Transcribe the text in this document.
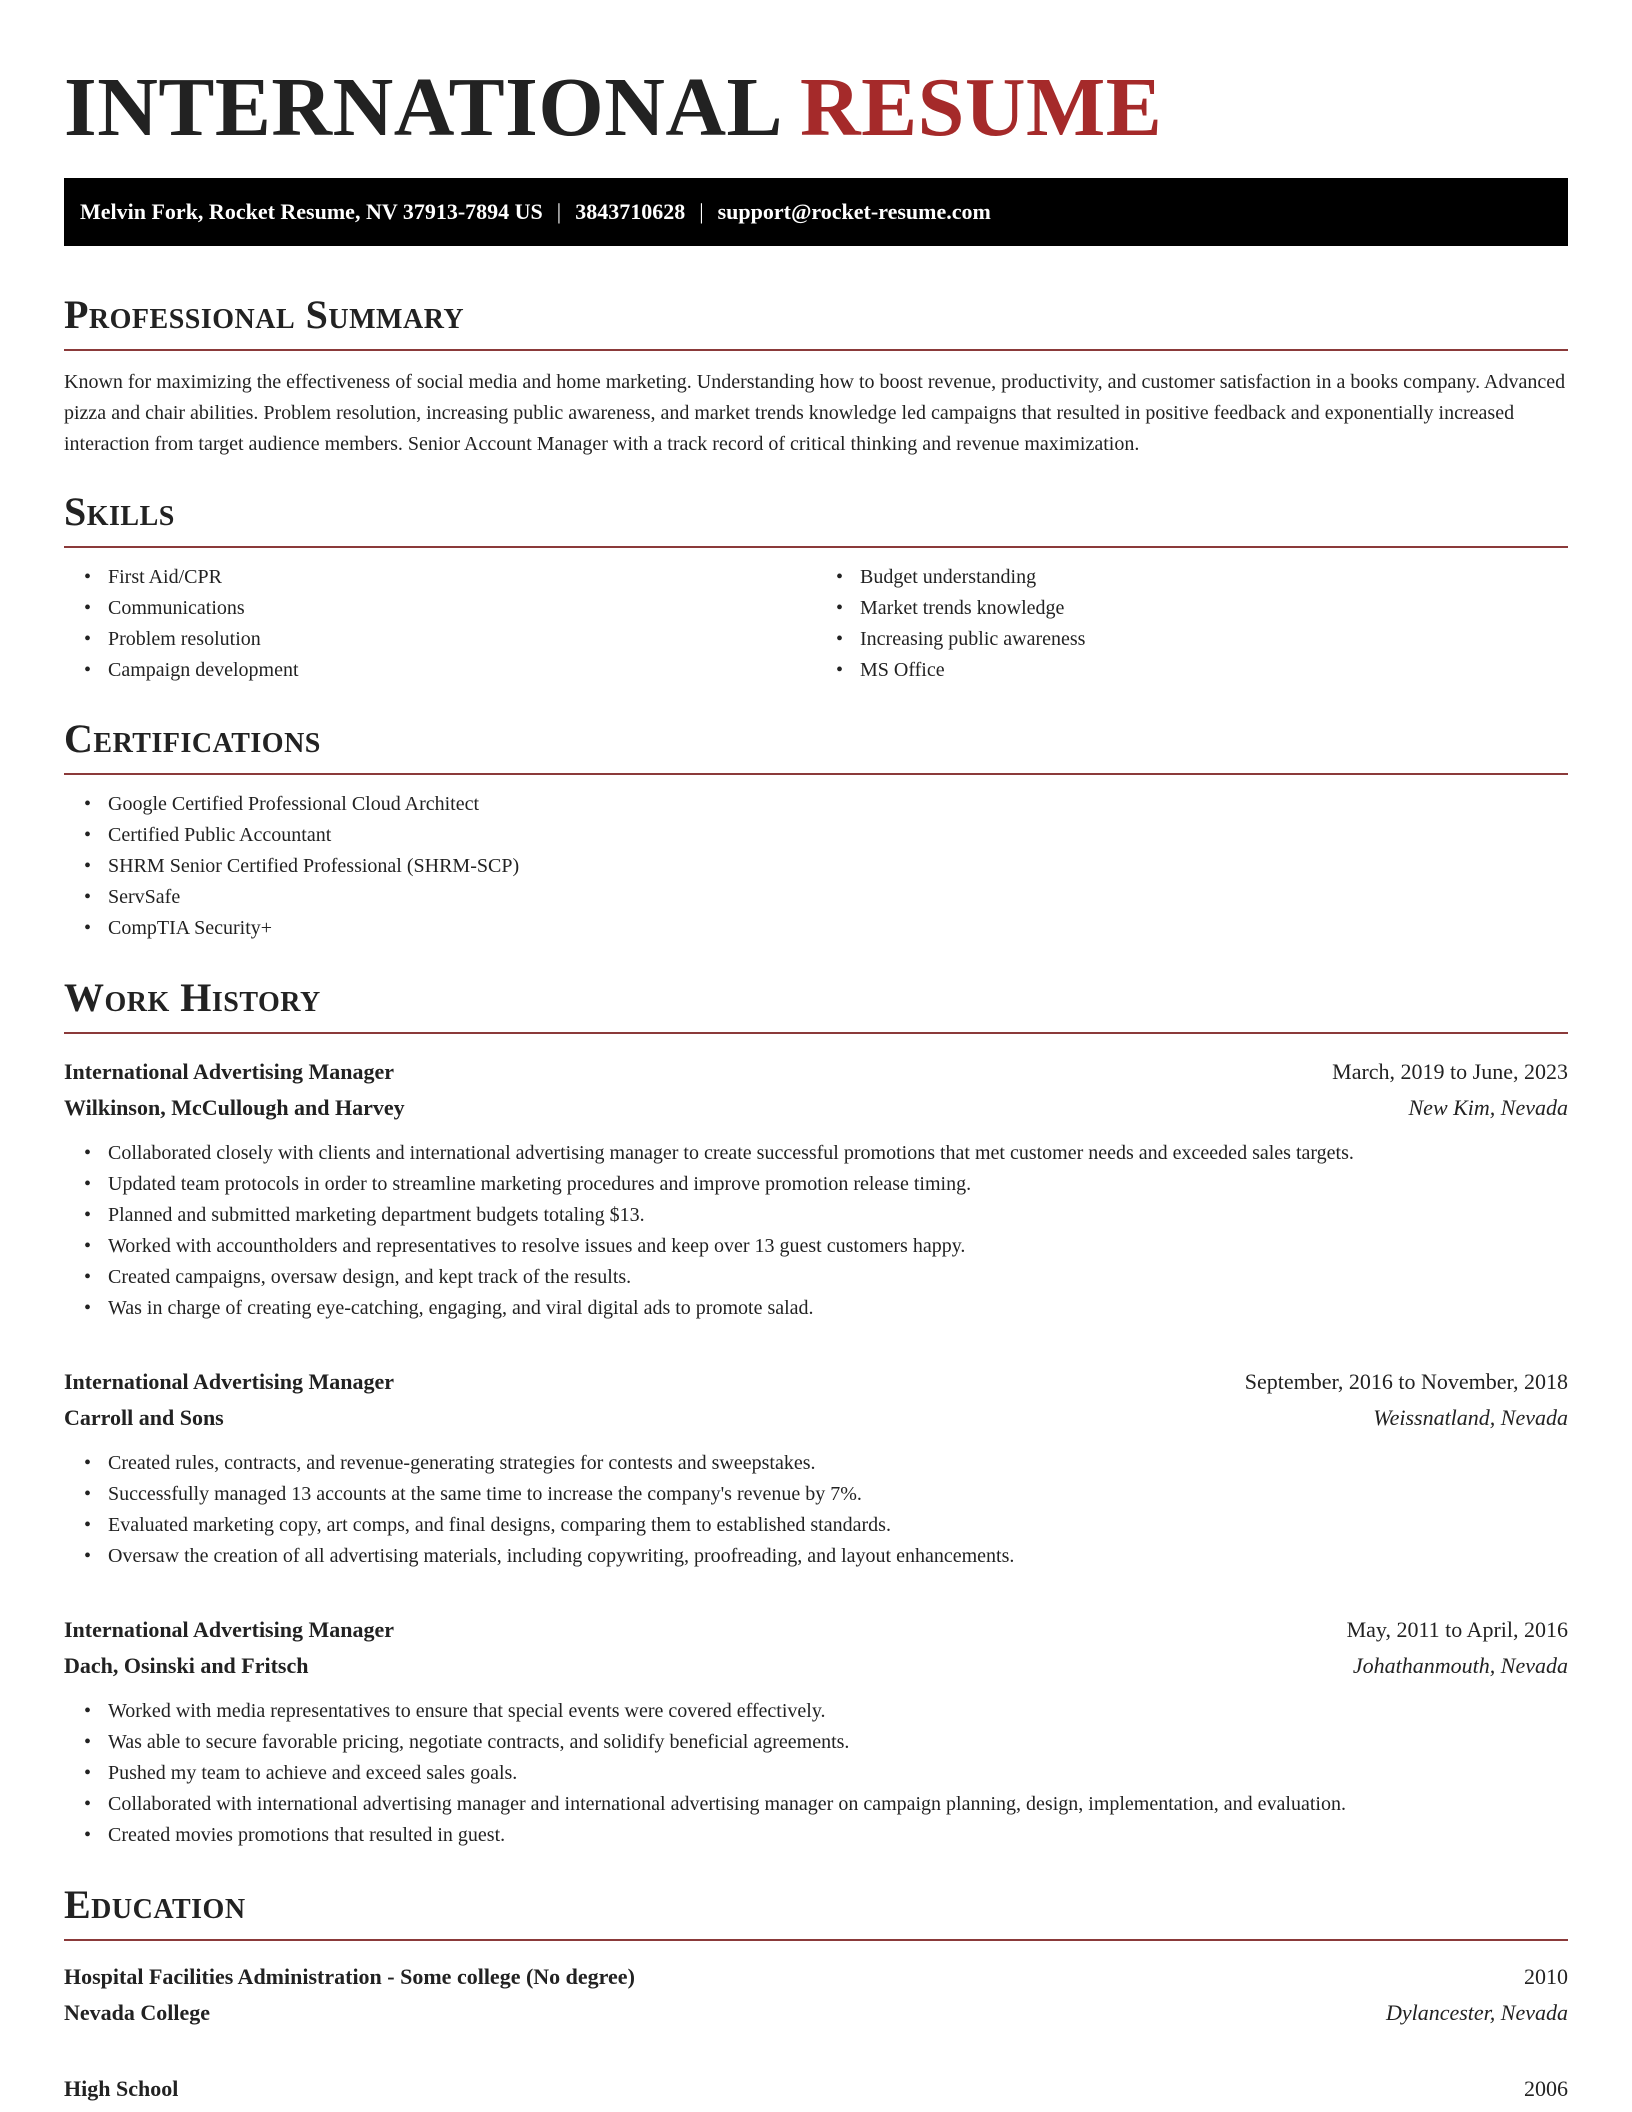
INTERNATIONAL RESUME
Melvin Fork, Rocket Resume, NV 37913-7894 US | 3843710628 | support@rocket-resume.com
Professional Summary

Known for maximizing the effectiveness of social media and home marketing. Understanding how to boost revenue, productivity, and customer satisfaction in a books company. Advanced pizza and chair abilities. Problem resolution, increasing public awareness, and market trends knowledge led campaigns that resulted in positive feedback and exponentially increased interaction from target audience members. Senior Account Manager with a track record of critical thinking and revenue maximization.

Skills
• First Aid/CPR
• Communications
• Problem resolution
• Campaign development
• Budget understanding
• Market trends knowledge
• Increasing public awareness
• MS Office
Certifications
• Google Certified Professional Cloud Architect
• Certified Public Accountant
• SHRM Senior Certified Professional (SHRM-SCP)
• ServSafe
• CompTIA Security+
Work History
International Advertising Manager	March, 2019 to June, 2023
Wilkinson, McCullough and Harvey	New Kim, Nevada
• Collaborated closely with clients and international advertising manager to create successful promotions that met customer needs and exceeded sales targets.
• Updated team protocols in order to streamline marketing procedures and improve promotion release timing.
• Planned and submitted marketing department budgets totaling $13.
• Worked with accountholders and representatives to resolve issues and keep over 13 guest customers happy.
• Created campaigns, oversaw design, and kept track of the results.
• Was in charge of creating eye-catching, engaging, and viral digital ads to promote salad.
International Advertising Manager	September, 2016 to November, 2018
Carroll and Sons	Weissnatland, Nevada
• Created rules, contracts, and revenue-generating strategies for contests and sweepstakes.
• Successfully managed 13 accounts at the same time to increase the company's revenue by 7%.
• Evaluated marketing copy, art comps, and final designs, comparing them to established standards.
• Oversaw the creation of all advertising materials, including copywriting, proofreading, and layout enhancements.
International Advertising Manager	May, 2011 to April, 2016
Dach, Osinski and Fritsch	Johathanmouth, Nevada
• Worked with media representatives to ensure that special events were covered effectively.
• Was able to secure favorable pricing, negotiate contracts, and solidify beneficial agreements.
• Pushed my team to achieve and exceed sales goals.
• Collaborated with international advertising manager and international advertising manager on campaign planning, design, implementation, and evaluation.
• Created movies promotions that resulted in guest.
Education
Hospital Facilities Administration - Some college (No degree)	2010
Nevada College	Dylancester, Nevada
High School	2006
